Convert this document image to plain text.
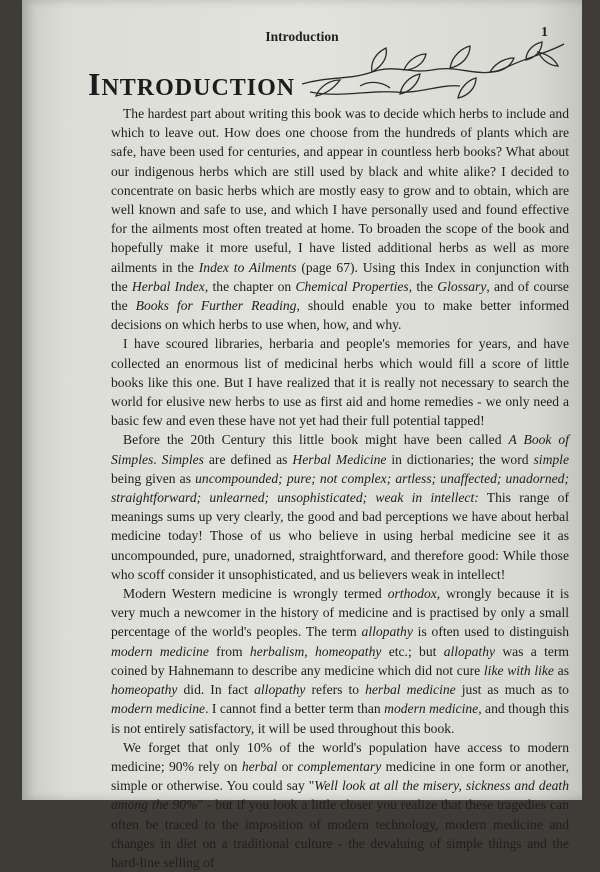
Introduction	1
INTRODUCTION

The hardest part about writing this book was to decide which herbs to include and which to leave out. How does one choose from the hundreds of plants which are safe, have been used for centuries, and appear in countless herb books? What about our indigenous herbs which are still used by black and white alike? I decided to concentrate on basic herbs which are mostly easy to grow and to obtain, which are well known and safe to use, and which I have personally used and found effective for the ailments most often treated at home. To broaden the scope of the book and hopefully make it more useful, I have listed additional herbs as well as more ailments in the Index to Ailments (page 67). Using this Index in conjunction with the Herbal Index, the chapter on Chemical Properties, the Glossary, and of course the Books for Further Reading, should enable you to make better informed decisions on which herbs to use when, how, and why.

I have scoured libraries, herbaria and people's memories for years, and have collected an enormous list of medicinal herbs which would fill a score of little books like this one. But I have realized that it is really not necessary to search the world for elusive new herbs to use as first aid and home remedies - we only need a basic few and even these have not yet had their full potential tapped!

Before the 20th Century this little book might have been called A Book of Simples. Simples are defined as Herbal Medicine in dictionaries; the word simple being given as uncompounded; pure; not complex; artless; unaffected; unadorned; straightforward; unlearned; unsophisticated; weak in intellect: This range of meanings sums up very clearly, the good and bad perceptions we have about herbal medicine today! Those of us who believe in using herbal medicine see it as uncompounded, pure, unadorned, straightforward, and therefore good: While those who scoff consider it unsophisticated, and us believers weak in intellect!

Modern Western medicine is wrongly termed orthodox, wrongly because it is very much a newcomer in the history of medicine and is practised by only a small percentage of the world's peoples. The term allopathy is often used to distinguish modern medicine from herbalism, homeopathy etc.; but allopathy was a term coined by Hahnemann to describe any medicine which did not cure like with like as homeopathy did. In fact allopathy refers to herbal medicine just as much as to modern medicine. I cannot find a better term than modern medicine, and though this is not entirely satisfactory, it will be used throughout this book.

We forget that only 10% of the world's population have access to modern medicine; 90% rely on herbal or complementary medicine in one form or another, simple or otherwise. You could say "Well look at all the misery, sickness and death among the 90%" - but if you look a little closer you realize that these tragedies can often be traced to the imposition of modern technology, modern medicine and changes in diet on a traditional culture - the devaluing of simple things and the hard-line selling of
